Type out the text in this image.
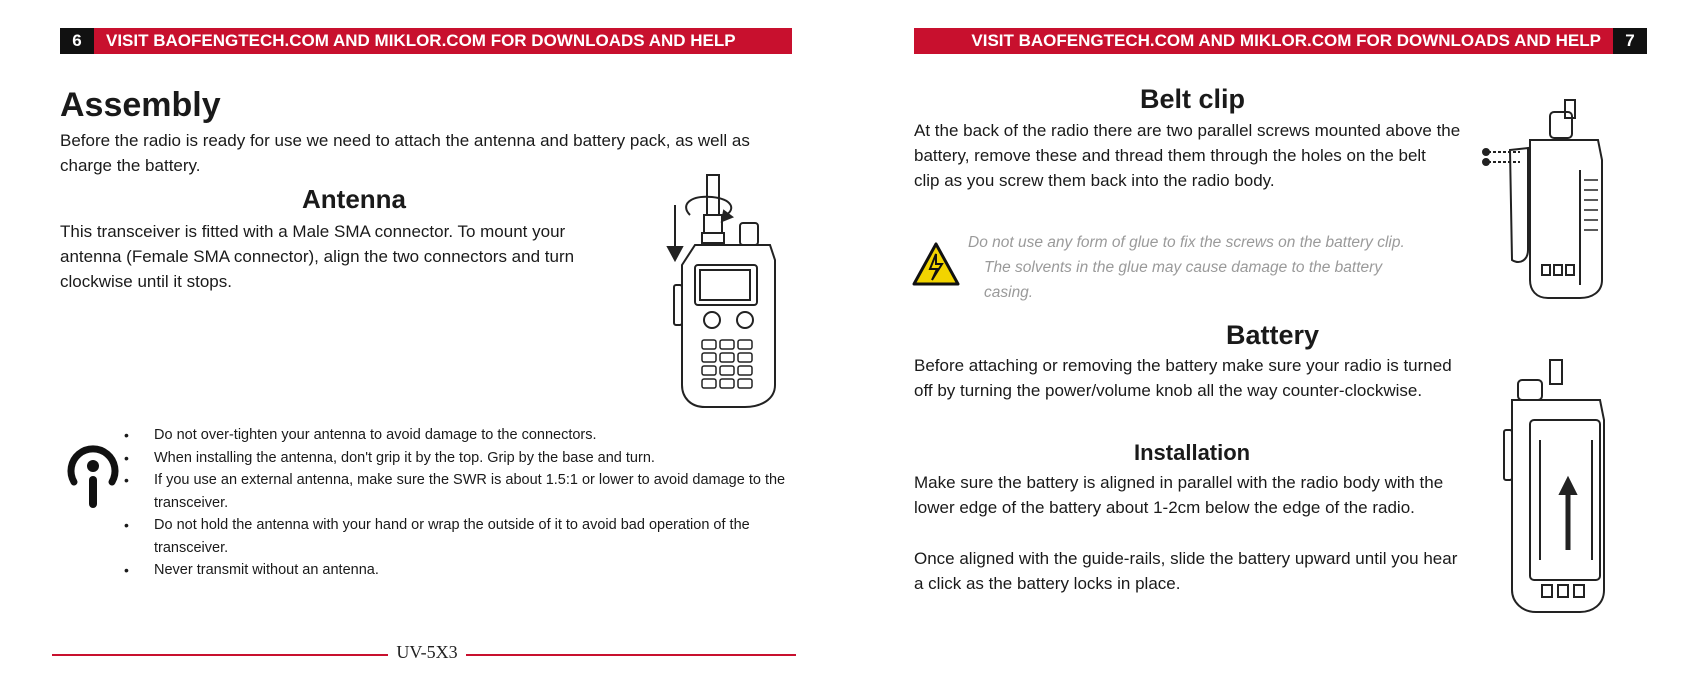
6	VISIT BAOFENGTECH.COM AND MIKLOR.COM FOR DOWNLOADS AND HELP
Assembly
Before the radio is ready for use we need to attach the antenna and battery pack, as well as
charge the battery.
Antenna
This transceiver is fitted with a Male SMA connector. To mount your
antenna (Female SMA connector), align the two connectors and turn
clockwise until it stops.
• Do not over-tighten your antenna to avoid damage to the connectors.
• When installing the antenna, don't grip it by the top. Grip by the base and turn.
• If you use an external antenna, make sure the SWR is about 1.5:1 or lower to avoid damage to the transceiver.
• Do not hold the antenna with your hand or wrap the outside of it to avoid bad operation of the transceiver.
• Never transmit without an antenna.
UV-5X3
VISIT BAOFENGTECH.COM AND MIKLOR.COM FOR DOWNLOADS AND HELP	7
Belt clip
At the back of the radio there are two parallel screws mounted above the
battery, remove these and thread them through the holes on the belt
clip as you screw them back into the radio body.
Do not use any form of glue to fix the screws on the battery clip.
The solvents in the glue may cause damage to the battery
casing.
Battery
Before attaching or removing the battery make sure your radio is turned
off by turning the power/volume knob all the way counter-clockwise.
Installation
Make sure the battery is aligned in parallel with the radio body with the
lower edge of the battery about 1-2cm below the edge of the radio.
Once aligned with the guide-rails, slide the battery upward until you hear
a click as the battery locks in place.
